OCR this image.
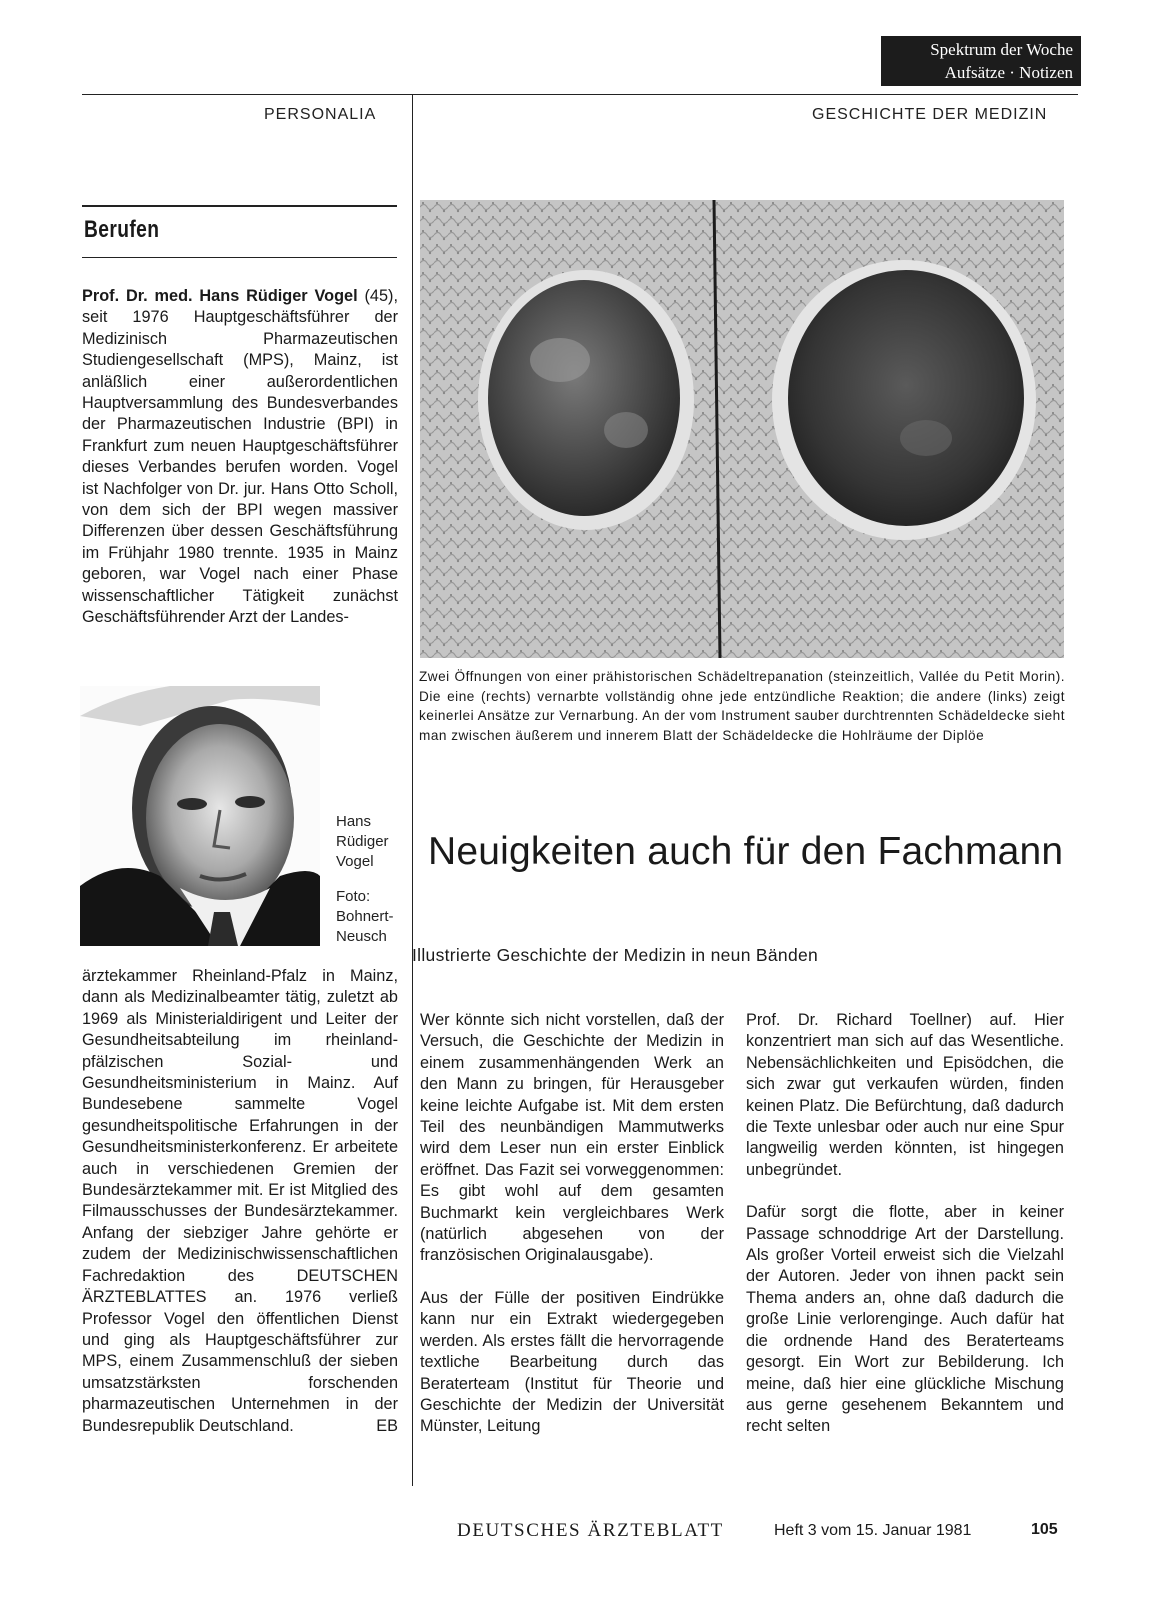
Spektrum der Woche
Aufsätze · Notizen
PERSONALIA	GESCHICHTE DER MEDIZIN
Berufen

Prof. Dr. med. Hans Rüdiger Vogel (45), seit 1976 Hauptgeschäftsführer der Medizinisch Pharmazeutischen Studiengesellschaft (MPS), Mainz, ist anläßlich einer außerordentlichen Hauptversammlung des Bundesverbandes der Pharmazeutischen Industrie (BPI) in Frankfurt zum neuen Hauptgeschäftsführer dieses Verbandes berufen worden. Vogel ist Nachfolger von Dr. jur. Hans Otto Scholl, von dem sich der BPI wegen massiver Differenzen über dessen Geschäftsführung im Frühjahr 1980 trennte. 1935 in Mainz geboren, war Vogel nach einer Phase wissenschaftlicher Tätigkeit zunächst Geschäftsführender Arzt der Landes-

Hans
Rüdiger
Vogel
Foto:
Bohnert-
Neusch

ärztekammer Rheinland-Pfalz in Mainz, dann als Medizinalbeamter tätig, zuletzt ab 1969 als Ministerialdirigent und Leiter der Gesundheitsabteilung im rheinland-pfälzischen Sozial- und Gesundheitsministerium in Mainz. Auf Bundesebene sammelte Vogel gesundheitspolitische Erfahrungen in der Gesundheitsministerkonferenz. Er arbeitete auch in verschiedenen Gremien der Bundesärztekammer mit. Er ist Mitglied des Filmausschusses der Bundesärztekammer. Anfang der siebziger Jahre gehörte er zudem der Medizinischwissenschaftlichen Fachredaktion des DEUTSCHEN ÄRZTEBLATTES an. 1976 verließ Professor Vogel den öffentlichen Dienst und ging als Hauptgeschäftsführer zur MPS, einem Zusammenschluß der sieben umsatzstärksten forschenden pharmazeutischen Unternehmen in der Bundesrepublik Deutschland.	EB

Zwei Öffnungen von einer prähistorischen Schädeltrepanation (steinzeitlich, Vallée du Petit Morin). Die eine (rechts) vernarbte vollständig ohne jede entzündliche Reaktion; die andere (links) zeigt keinerlei Ansätze zur Vernarbung. An der vom Instrument sauber durchtrennten Schädeldecke sieht man zwischen äußerem und innerem Blatt der Schädeldecke die Hohlräume der Diplöe
Neuigkeiten auch für den Fachmann
Illustrierte Geschichte der Medizin in neun Bänden

Wer könnte sich nicht vorstellen, daß der Versuch, die Geschichte der Medizin in einem zusammenhängenden Werk an den Mann zu bringen, für Herausgeber keine leichte Aufgabe ist. Mit dem ersten Teil des neunbändigen Mammutwerks wird dem Leser nun ein erster Einblick eröffnet. Das Fazit sei vorweggenommen: Es gibt wohl auf dem gesamten Buchmarkt kein vergleichbares Werk (natürlich abgesehen von der französischen Originalausgabe).

Aus der Fülle der positiven Eindrükke kann nur ein Extrakt wiedergegeben werden. Als erstes fällt die hervorragende textliche Bearbeitung durch das Beraterteam (Institut für Theorie und Geschichte der Medizin der Universität Münster, Leitung

Prof. Dr. Richard Toellner) auf. Hier konzentriert man sich auf das Wesentliche. Nebensächlichkeiten und Episödchen, die sich zwar gut verkaufen würden, finden keinen Platz. Die Befürchtung, daß dadurch die Texte unlesbar oder auch nur eine Spur langweilig werden könnten, ist hingegen unbegründet.

Dafür sorgt die flotte, aber in keiner Passage schnoddrige Art der Darstellung. Als großer Vorteil erweist sich die Vielzahl der Autoren. Jeder von ihnen packt sein Thema anders an, ohne daß dadurch die große Linie verlorenginge. Auch dafür hat die ordnende Hand des Beraterteams gesorgt. Ein Wort zur Bebilderung. Ich meine, daß hier eine glückliche Mischung aus gerne gesehenem Bekanntem und recht selten

DEUTSCHES ÄRZTEBLATT	Heft 3 vom 15. Januar 1981	105
